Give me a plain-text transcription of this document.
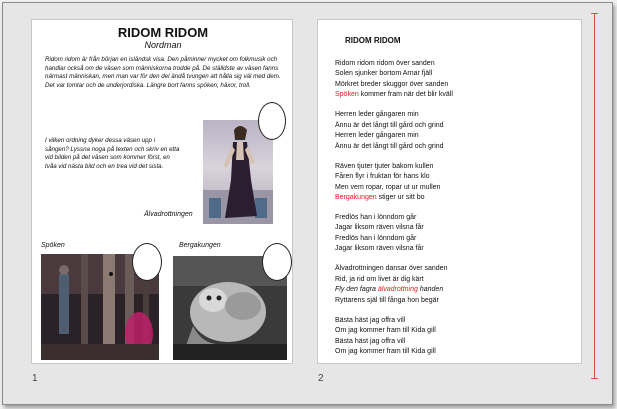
RIDOM RIDOM
Nordman
Ridom ridom är från början en isländsk visa. Den påminner mycket om folkmusik och handlar också om de väsen som människorna trodde på. De ställdste av väsen fanns närmast människan, men man var för den del ändå tvungen att hålla sig väl med dem. Det var tomtar och de underjordiska. Längre bort fanns spöken, häxor, troll.
I vilken ordning dyker dessa väsen upp i sången? Lyssna noga på texten och skriv en etta vid bilden på det väsen som kommer först, en tvåa vid nästa bild och en trea vid det sista.
Älvadrottningen
Spöken	Bergakungen
1
RIDOM RIDOM
Ridom ridom ridom över sanden
Solen sjunker bortom Arnar fjäll
Mörkret breder skuggor över sanden
Spöken kommer fram när det blir kväll
Herren leder gångaren min
Ännu är det långt till gård och grind
Herren leder gångaren min
Ännu är det långt till gård och grind
Räven tjuter tjuter bakom kullen
Fåren flyr i fruktan för hans klo
Men vem ropar, ropar ut ur mullen
Bergakungen stiger ur sitt bo
Fredlös han i lönndom går
Jagar liksom räven vilsna får
Fredlös han i lönndom går
Jagar liksom räven vilsna får
Älvadrottningen dansar över sanden
Rid, ja rid om livet är dig kärt
Fly den fagra älvadrottning handen
Ryttarens själ till fånga hon begär
Bästa häst jag offra vill
Om jag kommer fram till Kida gill
Bästa häst jag offra vill
Om jag kommer fram till Kida gill
2
